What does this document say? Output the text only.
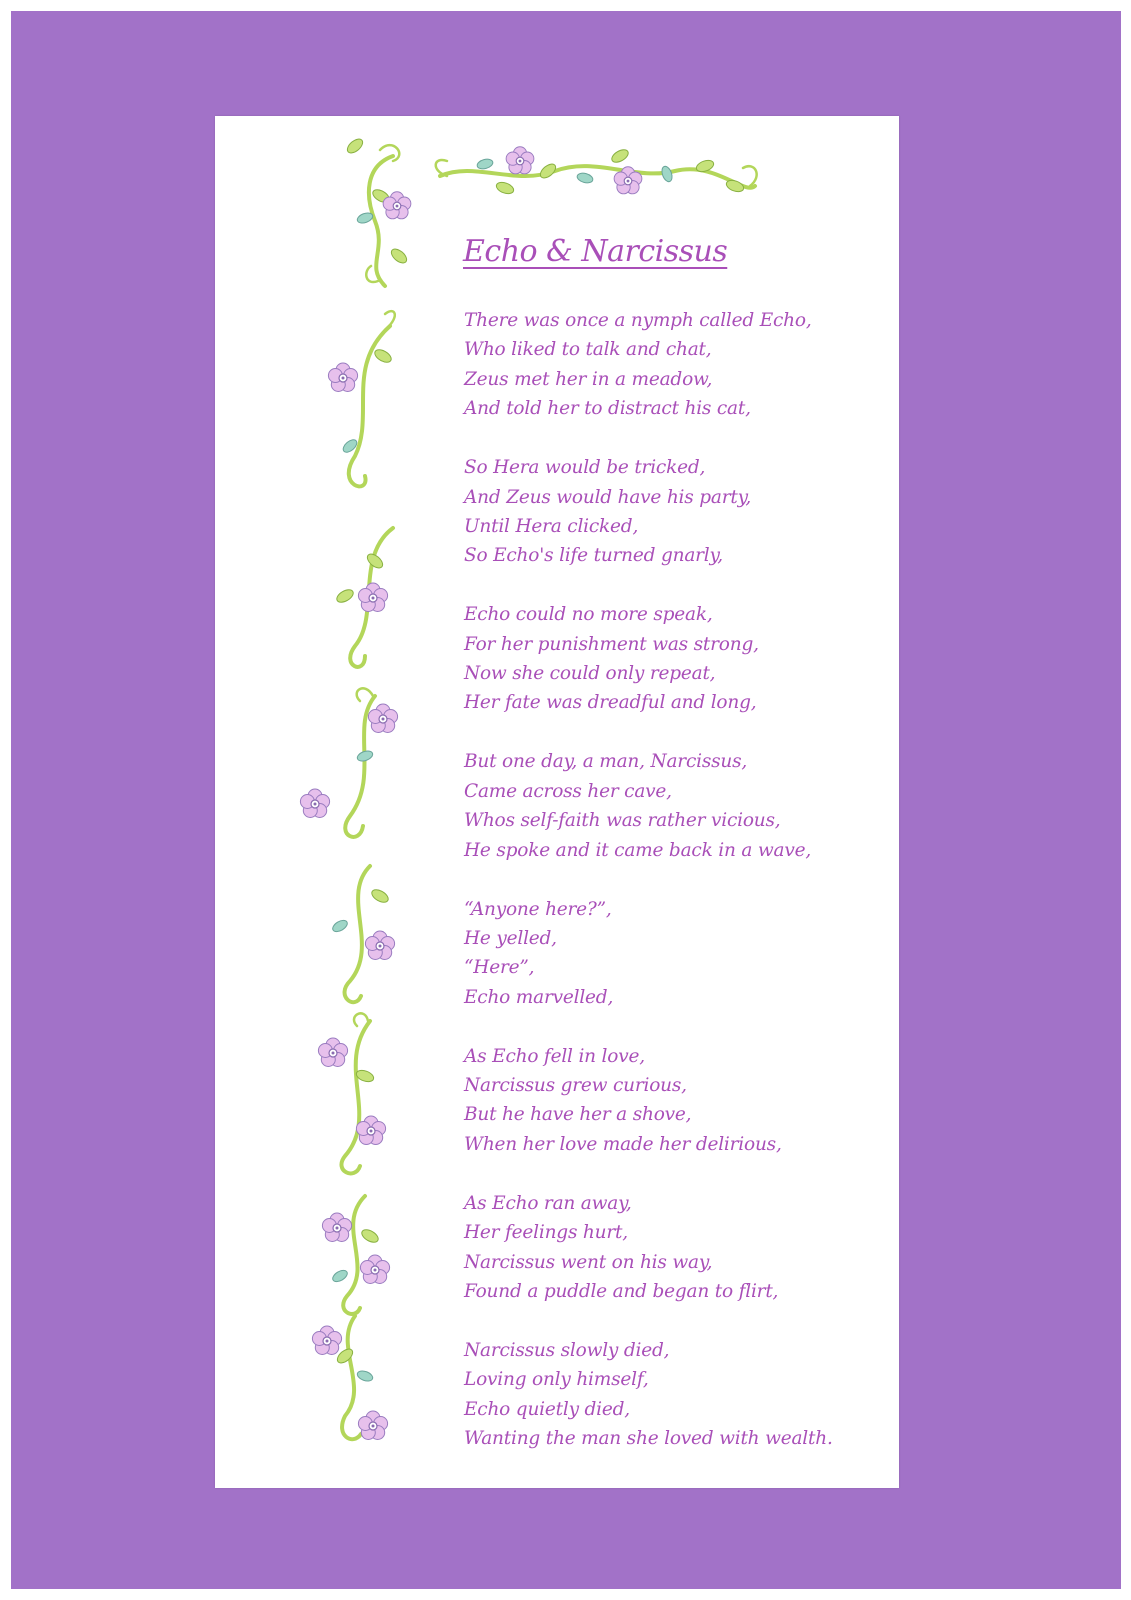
Echo & Narcissus
There was once a nymph called Echo,
Who liked to talk and chat,
Zeus met her in a meadow,
And told her to distract his cat,
So Hera would be tricked,
And Zeus would have his party,
Until Hera clicked,
So Echo's life turned gnarly,
Echo could no more speak,
For her punishment was strong,
Now she could only repeat,
Her fate was dreadful and long,
But one day, a man, Narcissus,
Came across her cave,
Whos self-faith was rather vicious,
He spoke and it came back in a wave,
“Anyone here?”,
He yelled,
“Here”,
Echo marvelled,
As Echo fell in love,
Narcissus grew curious,
But he have her a shove,
When her love made her delirious,
As Echo ran away,
Her feelings hurt,
Narcissus went on his way,
Found a puddle and began to flirt,
Narcissus slowly died,
Loving only himself,
Echo quietly died,
Wanting the man she loved with wealth.
